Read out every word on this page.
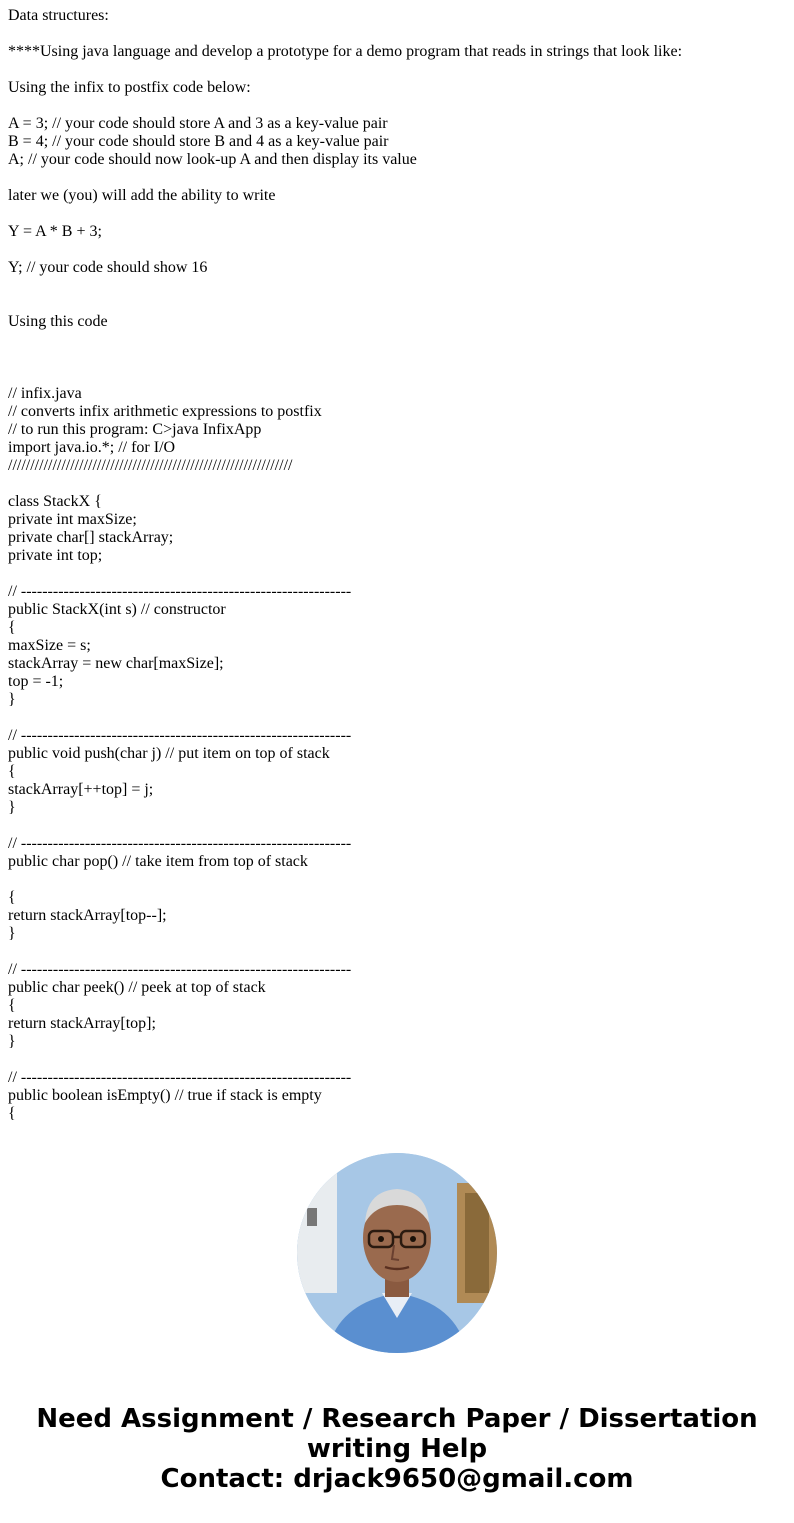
Data structures:
****Using java language and develop a prototype for a demo program that reads in strings that look like:
Using the infix to postfix code below:
A = 3; // your code should store A and 3 as a key-value pair
B = 4; // your code should store B and 4 as a key-value pair
A; // your code should now look-up A and then display its value
later we (you) will add the ability to write
Y = A * B + 3;
Y; // your code should show 16
Using this code
// infix.java
// converts infix arithmetic expressions to postfix
// to run this program: C>java InfixApp
import java.io.*; // for I/O
////////////////////////////////////////////////////////////////
class StackX {
private int maxSize;
private char[] stackArray;
private int top;
// --------------------------------------------------------------
public StackX(int s) // constructor
{
maxSize = s;
stackArray = new char[maxSize];
top = -1;
}
// --------------------------------------------------------------
public void push(char j) // put item on top of stack
{
stackArray[++top] = j;
}
// --------------------------------------------------------------
public char pop() // take item from top of stack
{
return stackArray[top--];
}
// --------------------------------------------------------------
public char peek() // peek at top of stack
{
return stackArray[top];
}
// --------------------------------------------------------------
public boolean isEmpty() // true if stack is empty
{
Need Assignment / Research Paper / Dissertation
writing Help
Contact: drjack9650@gmail.com
